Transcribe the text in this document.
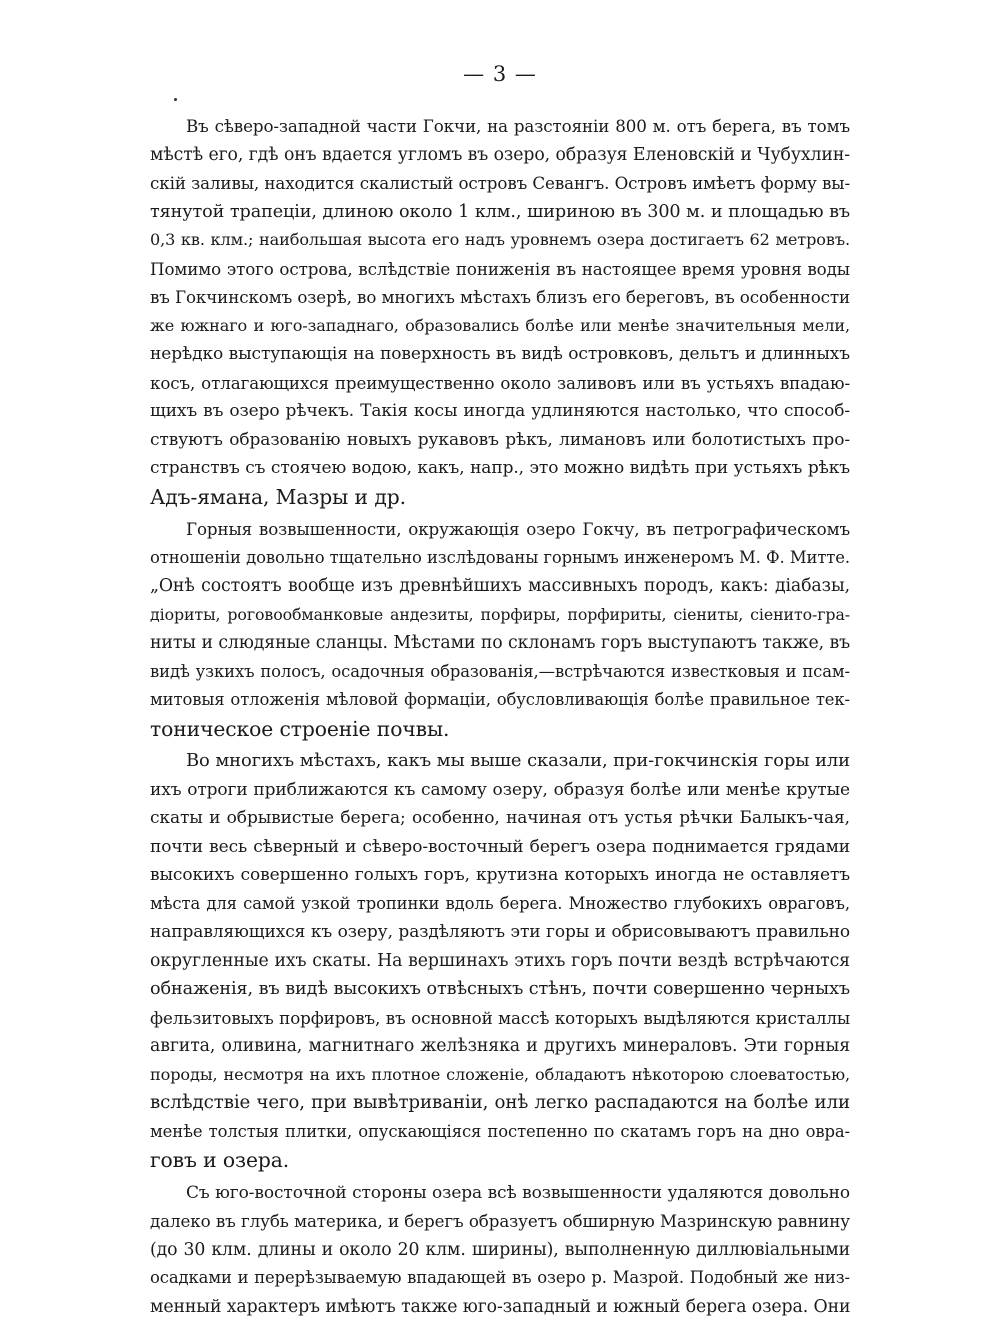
— 3 —
Въ сѣверо-западной части Гокчи, на разстояніи 800 м. отъ берега, въ томъ
мѣстѣ его, гдѣ онъ вдается угломъ въ озеро, образуя Еленовскій и Чубухлин-
скій заливы, находится скалистый островъ Севангъ. Островъ имѣетъ форму вы-
тянутой трапеціи, длиною около 1 клм., шириною въ 300 м. и площадью въ
0,3 кв. клм.; наибольшая высота его надъ уровнемъ озера достигаетъ 62 метровъ.
Помимо этого острова, вслѣдствіе пониженія въ настоящее время уровня воды
въ Гокчинскомъ озерѣ, во многихъ мѣстахъ близъ его береговъ, въ особенности
же южнаго и юго-западнаго, образовались болѣе или менѣе значительныя мели,
нерѣдко выступающія на поверхность въ видѣ островковъ, дельтъ и длинныхъ
косъ, отлагающихся преимущественно около заливовъ или въ устьяхъ впадаю-
щихъ въ озеро рѣчекъ. Такія косы иногда удлиняются настолько, что способ-
ствуютъ образованію новыхъ рукавовъ рѣкъ, лимановъ или болотистыхъ про-
странствъ съ стоячею водою, какъ, напр., это можно видѣть при устьяхъ рѣкъ
Адъ-ямана, Мазры и др.
Горныя возвышенности, окружающія озеро Гокчу, въ петрографическомъ
отношеніи довольно тщательно изслѣдованы горнымъ инженеромъ М. Ф. Митте.
„Онѣ состоятъ вообще изъ древнѣйшихъ массивныхъ породъ, какъ: діабазы,
діориты, роговообманковые андезиты, порфиры, порфириты, сіениты, сіенито-гра-
ниты и слюдяные сланцы. Мѣстами по склонамъ горъ выступаютъ также, въ
видѣ узкихъ полосъ, осадочныя образованія,—встрѣчаются известковыя и псам-
митовыя отложенія мѣловой формаціи, обусловливающія болѣе правильное тек-
тоническое строеніе почвы.
Во многихъ мѣстахъ, какъ мы выше сказали, при-гокчинскія горы или
ихъ отроги приближаются къ самому озеру, образуя болѣе или менѣе крутые
скаты и обрывистые берега; особенно, начиная отъ устья рѣчки Балыкъ-чая,
почти весь сѣверный и сѣверо-восточный берегъ озера поднимается грядами
высокихъ совершенно голыхъ горъ, крутизна которыхъ иногда не оставляетъ
мѣста для самой узкой тропинки вдоль берега. Множество глубокихъ овраговъ,
направляющихся къ озеру, раздѣляютъ эти горы и обрисовываютъ правильно
округленные ихъ скаты. На вершинахъ этихъ горъ почти вездѣ встрѣчаются
обнаженія, въ видѣ высокихъ отвѣсныхъ стѣнъ, почти совершенно черныхъ
фельзитовыхъ порфировъ, въ основной массѣ которыхъ выдѣляются кристаллы
авгита, оливина, магнитнаго желѣзняка и другихъ минераловъ. Эти горныя
породы, несмотря на ихъ плотное сложеніе, обладаютъ нѣкоторою слоеватостью,
вслѣдствіе чего, при вывѣтриваніи, онѣ легко распадаются на болѣе или
менѣе толстыя плитки, опускающіяся постепенно по скатамъ горъ на дно овра-
говъ и озера.
Съ юго-восточной стороны озера всѣ возвышенности удаляются довольно
далеко въ глубь материка, и берегъ образуетъ обширную Мазринскую равнину
(до 30 клм. длины и около 20 клм. ширины), выполненную диллювіальными
осадками и перерѣзываемую впадающей въ озеро р. Мазрой. Подобный же низ-
менный характеръ имѣютъ также юго-западный и южный берега озера. Они
